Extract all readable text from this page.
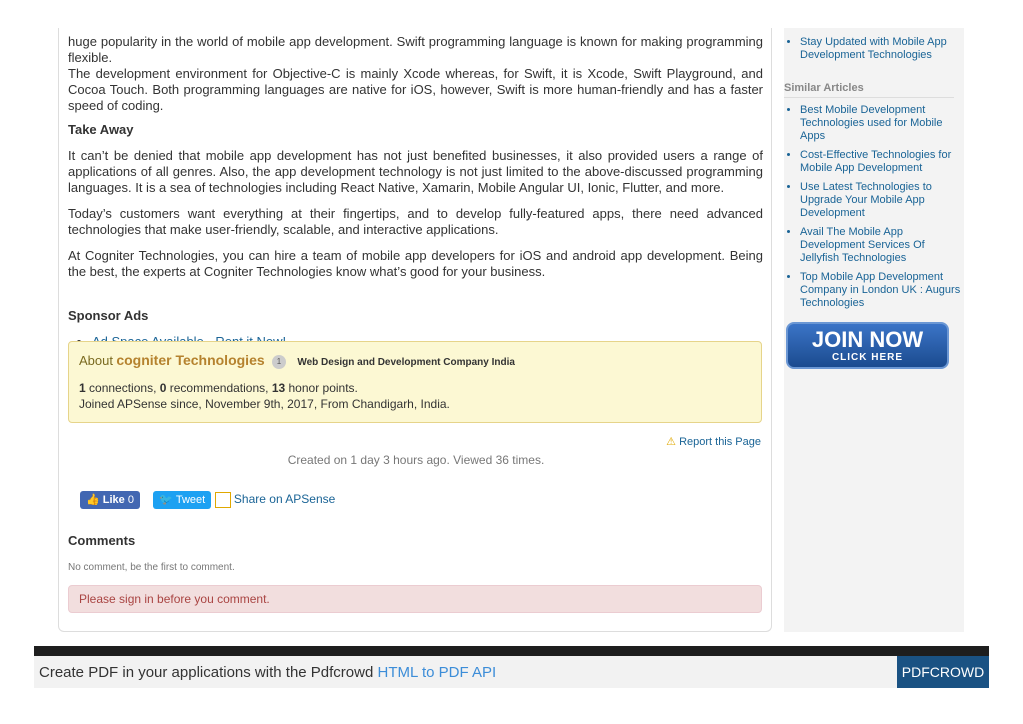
huge popularity in the world of mobile app development. Swift programming language is known for making programming flexible.

The development environment for Objective-C is mainly Xcode whereas, for Swift, it is Xcode, Swift Playground, and Cocoa Touch. Both programming languages are native for iOS, however, Swift is more human-friendly and has a faster speed of coding.

Take Away

It can’t be denied that mobile app development has not just benefited businesses, it also provided users a range of applications of all genres. Also, the app development technology is not just limited to the above-discussed programming languages. It is a sea of technologies including React Native, Xamarin, Mobile Angular UI, Ionic, Flutter, and more.

Today’s customers want everything at their fingertips, and to develop fully-featured apps, there need advanced technologies that make user-friendly, scalable, and interactive applications.

At Cogniter Technologies, you can hire a team of mobile app developers for iOS and android app development. Being the best, the experts at Cogniter Technologies know what’s good for your business.

Sponsor Ads

•
About cogniter Technologies 1 Web Design and Development Company India
1 connections, 0 recommendations, 13 honor points.
Joined APSense since, November 9th, 2017, From Chandigarh, India.
⚠ Report this Page
Created on 1 day 3 hours ago. Viewed 36 times.
👍 Like 0 🐦 Tweet Share on APSense
Comments
No comment, be the first to comment.
Please sign in before you comment.
• Stay Updated with Mobile App Development Technologies
Similar Articles
• Best Mobile Development Technologies used for Mobile Apps
• Cost-Effective Technologies for Mobile App Development
• Use Latest Technologies to Upgrade Your Mobile App Development
• Avail The Mobile App Development Services Of Jellyfish Technologies
• Top Mobile App Development Company in London UK : Augurs Technologies
JOIN NOW
CLICK HERE
Create PDF in your applications with the Pdfcrowd HTML to PDF API	PDFCROWD
